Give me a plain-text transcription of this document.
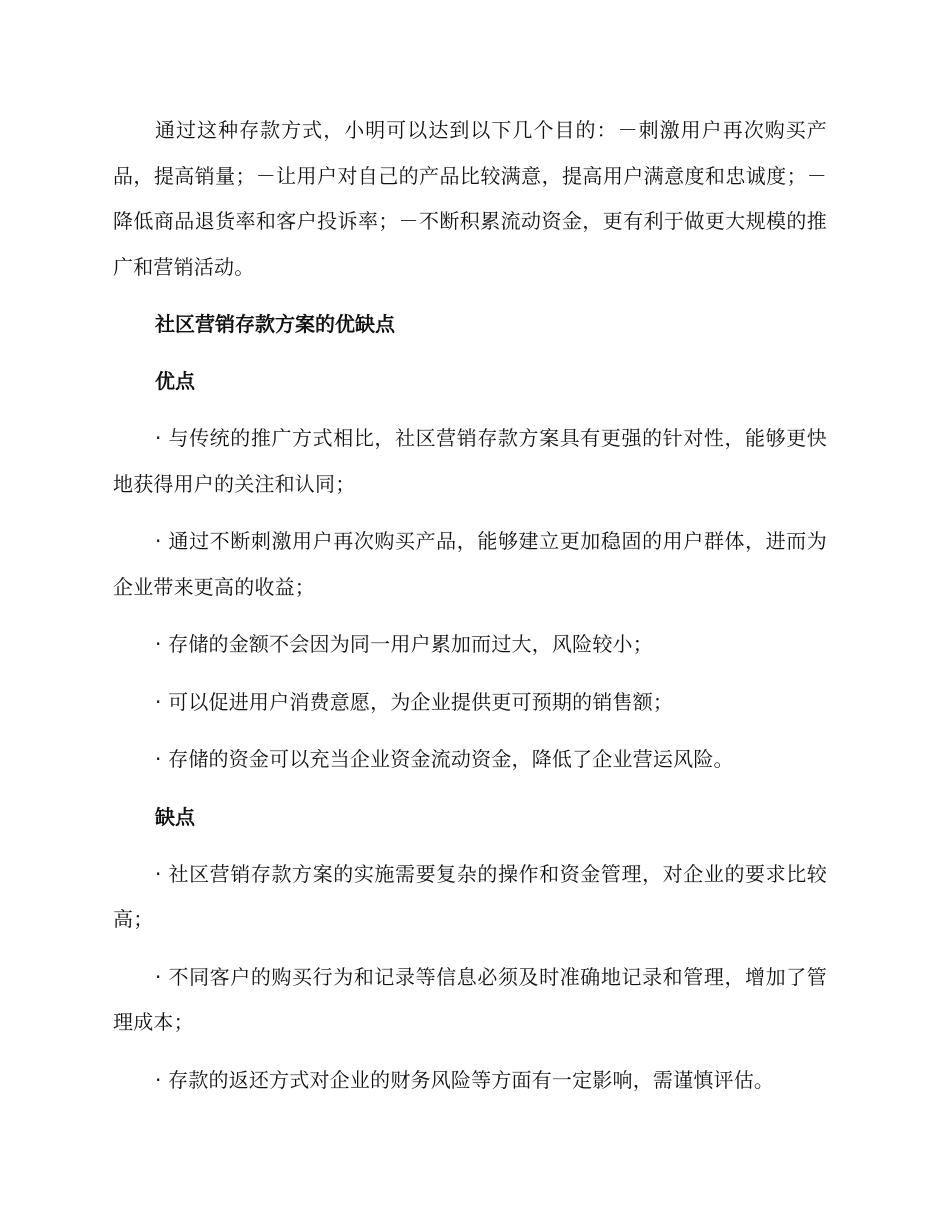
通过这种存款方式，小明可以达到以下几个目的：－刺激用户再次购买产品，提高销量；－让用户对自己的产品比较满意，提高用户满意度和忠诚度；－降低商品退货率和客户投诉率；－不断积累流动资金，更有利于做更大规模的推广和营销活动。

社区营销存款方案的优缺点
优点

· 与传统的推广方式相比，社区营销存款方案具有更强的针对性，能够更快地获得用户的关注和认同；

· 通过不断刺激用户再次购买产品，能够建立更加稳固的用户群体，进而为企业带来更高的收益；

· 存储的金额不会因为同一用户累加而过大，风险较小；

· 可以促进用户消费意愿，为企业提供更可预期的销售额；

· 存储的资金可以充当企业资金流动资金，降低了企业营运风险。

缺点

· 社区营销存款方案的实施需要复杂的操作和资金管理，对企业的要求比较高；

· 不同客户的购买行为和记录等信息必须及时准确地记录和管理，增加了管理成本；

· 存款的返还方式对企业的财务风险等方面有一定影响，需谨慎评估。
